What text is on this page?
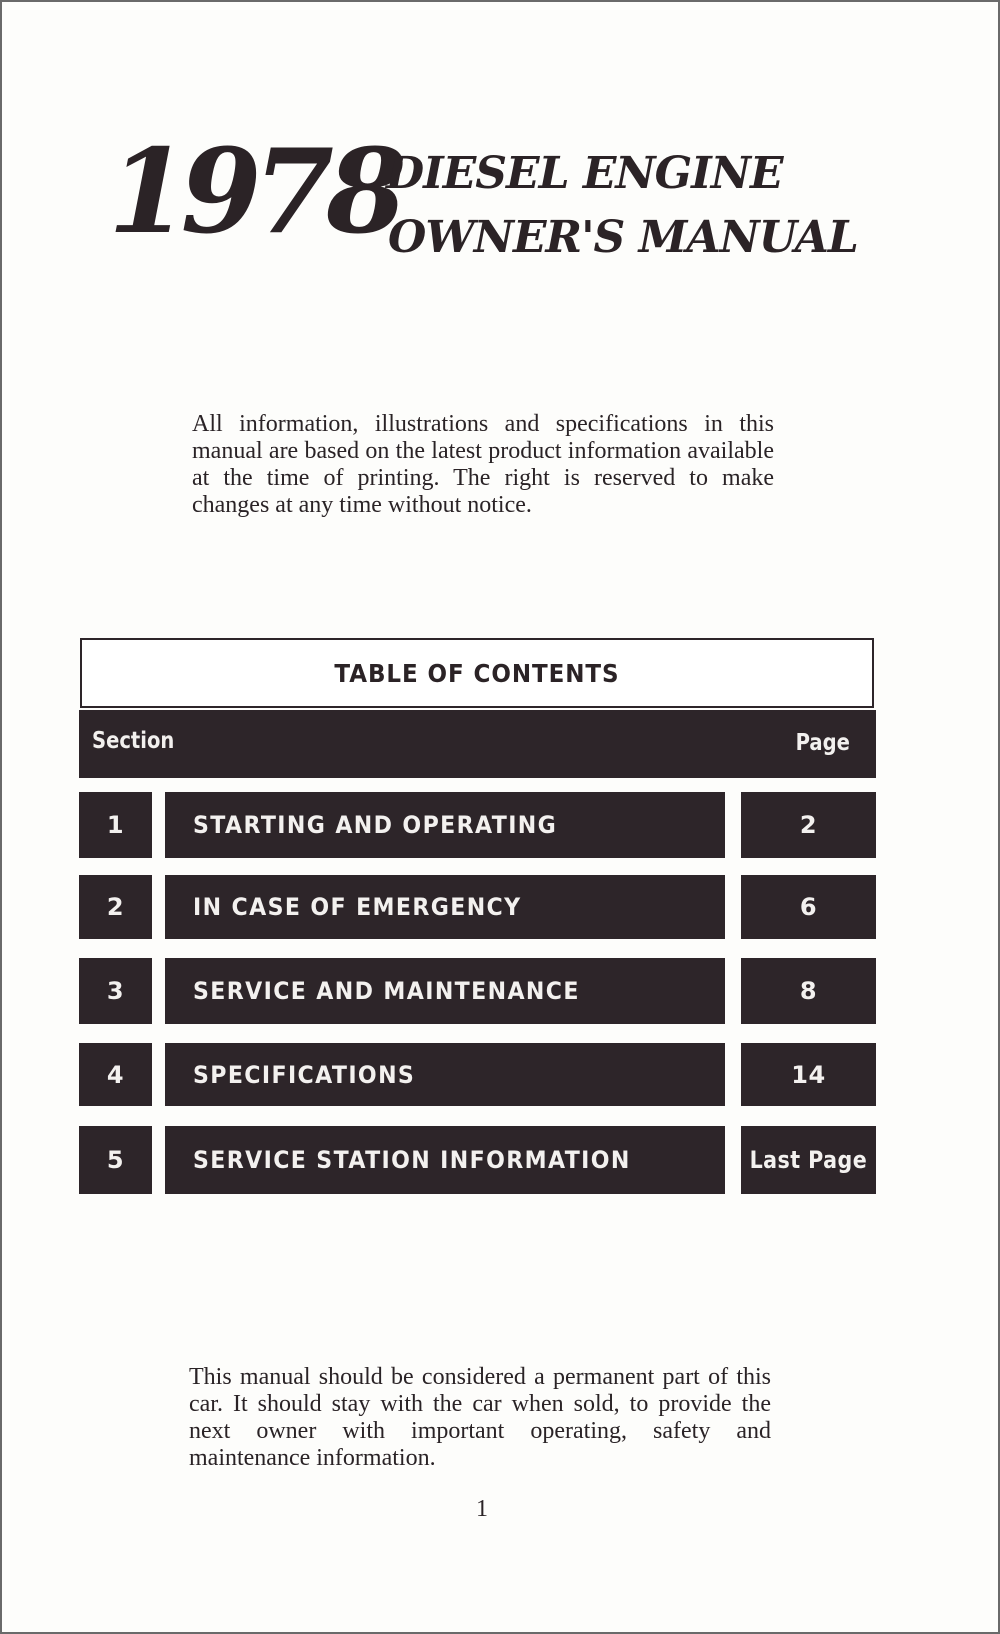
1978
DIESEL ENGINE
OWNER'S MANUAL

All information, illustrations and specifications in this manual are based on the latest product information available at the time of printing. The right is reserved to make changes at any time without notice.

TABLE OF CONTENTS
Section	Page
1	STARTING AND OPERATING	2
2	IN CASE OF EMERGENCY	6
3	SERVICE AND MAINTENANCE	8
4	SPECIFICATIONS	14
5	SERVICE STATION INFORMATION	Last Page

This manual should be considered a permanent part of this car. It should stay with the car when sold, to provide the next owner with important operating, safety and maintenance information.

1
